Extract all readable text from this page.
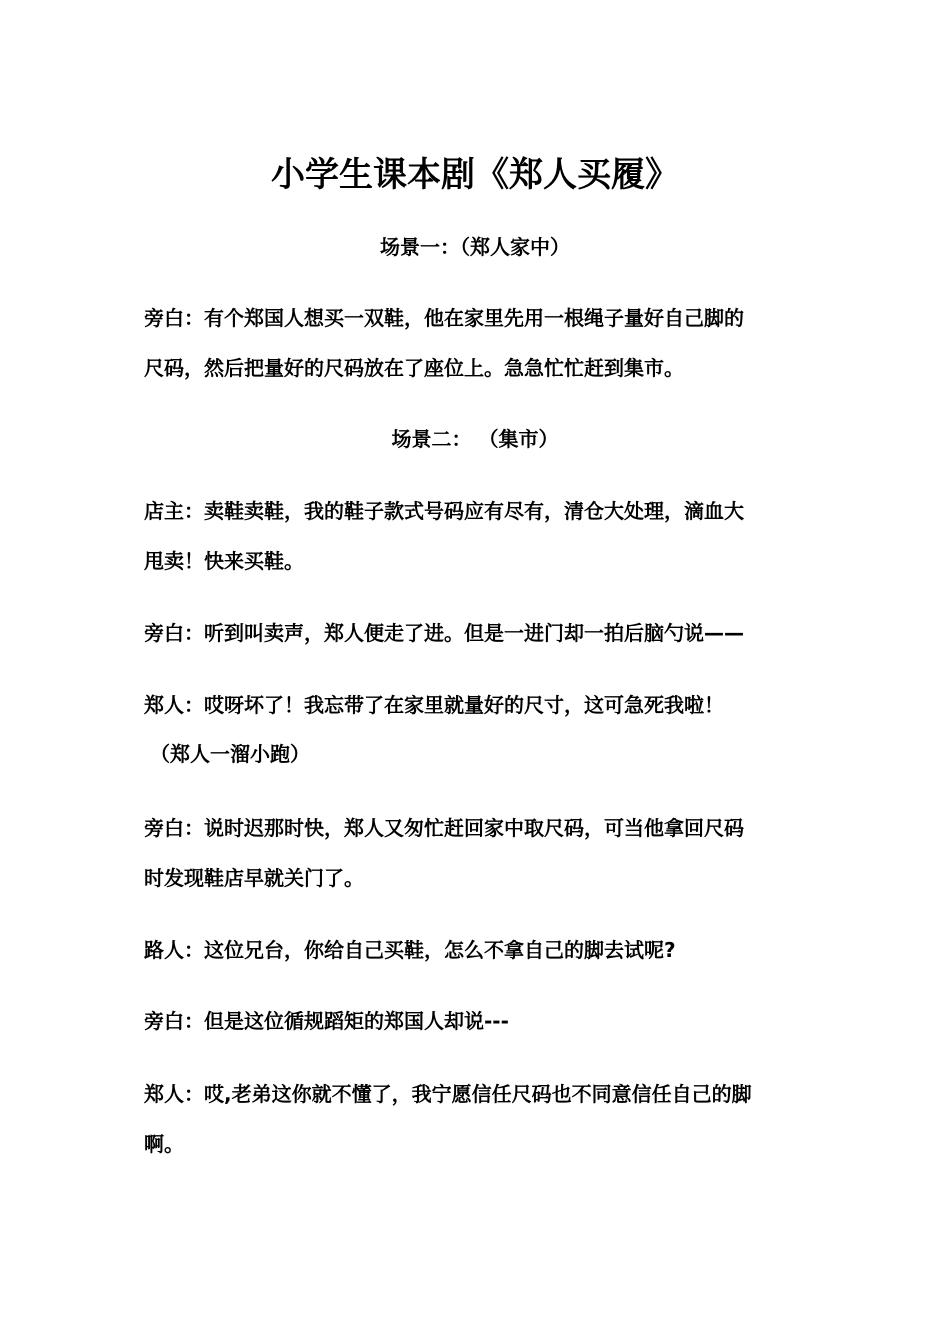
小学生课本剧《郑人买履》
场景一：（郑人家中）
旁白：有个郑国人想买一双鞋，他在家里先用一根绳子量好自己脚的
尺码，然后把量好的尺码放在了座位上。急急忙忙赶到集市。
场景二： （集市）
店主：卖鞋卖鞋，我的鞋子款式号码应有尽有，清仓大处理，滴血大
甩卖！快来买鞋。
旁白：听到叫卖声，郑人便走了进。但是一进门却一拍后脑勺说——
郑人：哎呀坏了！我忘带了在家里就量好的尺寸，这可急死我啦！
（郑人一溜小跑）
旁白：说时迟那时快，郑人又匆忙赶回家中取尺码，可当他拿回尺码
时发现鞋店早就关门了。
路人：这位兄台，你给自己买鞋，怎么不拿自己的脚去试呢?
旁白：但是这位循规蹈矩的郑国人却说---
郑人：哎,老弟这你就不懂了，我宁愿信任尺码也不同意信任自己的脚
啊。
